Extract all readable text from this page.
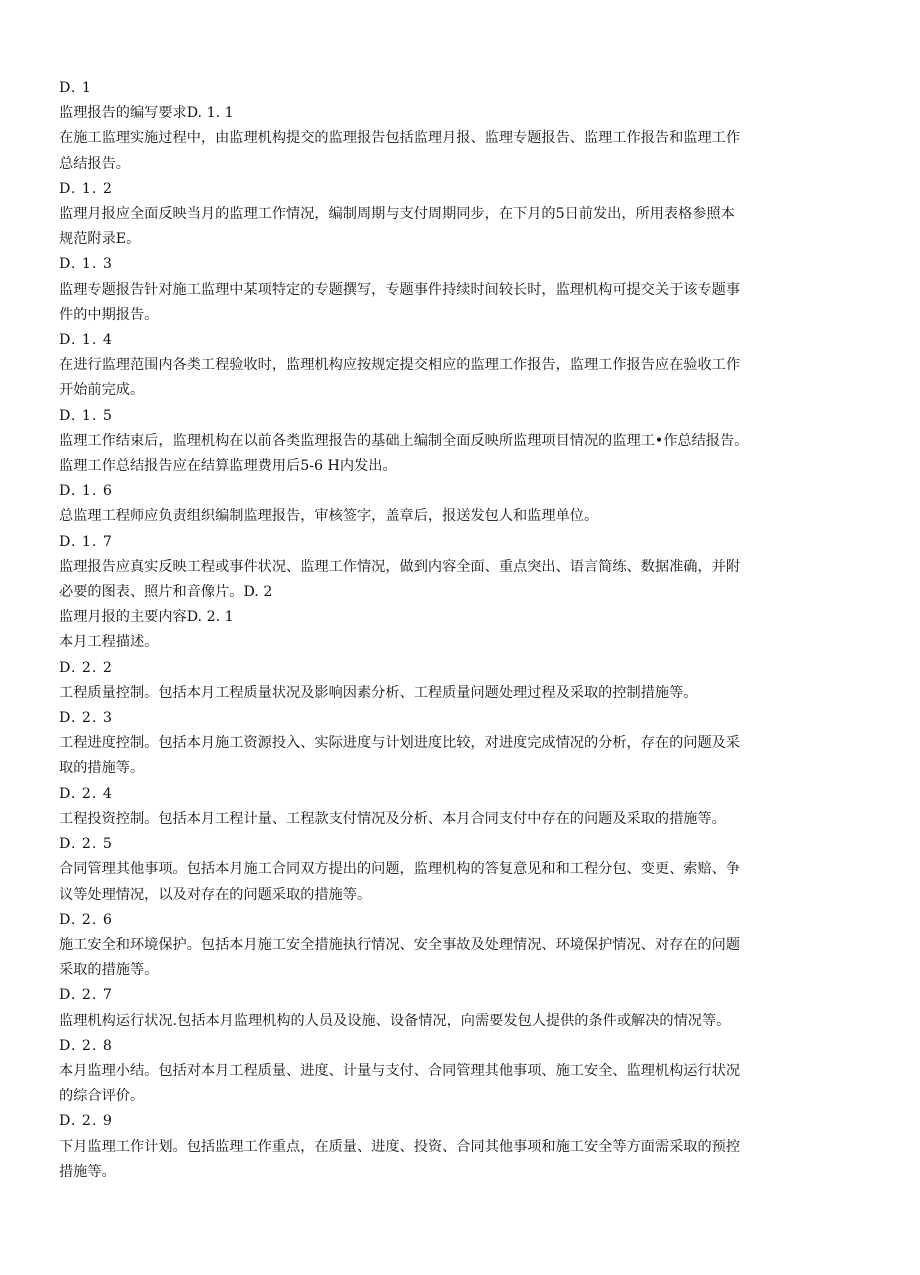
D. 1

监理报告的编写要求D. 1. 1

在施工监理实施过程中，由监理机构提交的监理报告包括监理月报、监理专题报告、监理工作报告和监理工作

总结报告。

D. 1. 2

监理月报应全面反映当月的监理工作情况，编制周期与支付周期同步，在下月的5日前发出，所用表格参照本

规范附录E。

D. 1. 3

监理专题报告针对施工监理中某项特定的专题撰写，专题事件持续时间较长时，监理机构可提交关于该专题事

件的中期报告。

D. 1. 4

在进行监理范围内各类工程验收时，监理机构应按规定提交相应的监理工作报告，监理工作报告应在验收工作

开始前完成。

D. 1. 5

监理工作结束后，监理机构在以前各类监理报告的基础上编制全面反映所监理项目情况的监理工•作总结报告。

监理工作总结报告应在结算监理费用后5-6 H内发出。

D. 1. 6

总监理工程师应负责组织编制监理报告，审核签字，盖章后，报送发包人和监理单位。

D. 1. 7

监理报告应真实反映工程或事件状况、监理工作情况，做到内容全面、重点突出、语言简练、数据准确，并附

必要的图表、照片和音像片。D. 2

监理月报的主要内容D. 2. 1

本月工程描述。

D. 2. 2

工程质量控制。包括本月工程质量状况及影响因素分析、工程质量问题处理过程及采取的控制措施等。

D. 2. 3

工程进度控制。包括本月施工资源投入、实际进度与计划进度比较，对进度完成情况的分析，存在的问题及采

取的措施等。

D. 2. 4

工程投资控制。包括本月工程计量、工程款支付情况及分析、本月合同支付中存在的问题及采取的措施等。

D. 2. 5

合同管理其他事项。包括本月施工合同双方提出的问题，监理机构的答复意见和和工程分包、变更、索赔、争

议等处理情况，以及对存在的问题采取的措施等。

D. 2. 6

施工安全和环境保护。包括本月施工安全措施执行情况、安全事故及处理情况、环境保护情况、对存在的问题

采取的措施等。

D. 2. 7

监理机构运行状况.包括本月监理机构的人员及设施、设备情况，向需要发包人提供的条件或解决的情况等。

D. 2. 8

本月监理小结。包括对本月工程质量、进度、计量与支付、合同管理其他事项、施工安全、监理机构运行状况

的综合评价。

D. 2. 9

下月监理工作计划。包括监理工作重点，在质量、进度、投资、合同其他事项和施工安全等方面需采取的预控

措施等。
